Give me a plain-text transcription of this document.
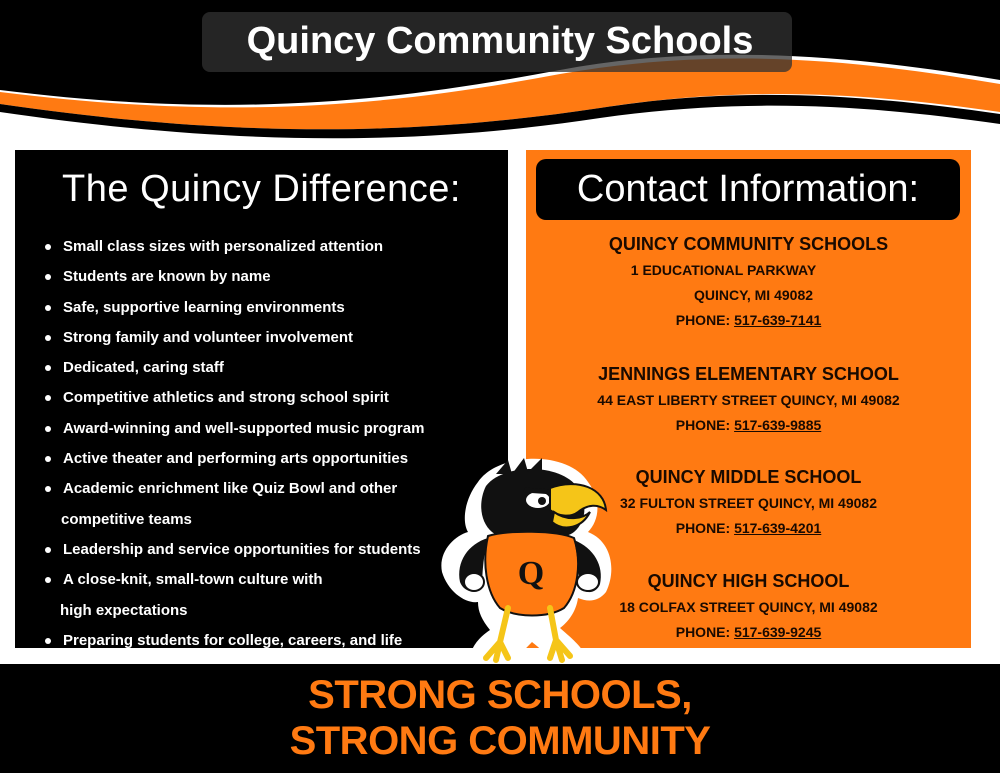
Quincy Community Schools
The Quincy Difference:
Small class sizes with personalized attention
Students are known by name
Safe, supportive learning environments
Strong family and volunteer involvement
Dedicated, caring staff
Competitive athletics and strong school spirit
Award-winning and well-supported music program
Active theater and performing arts opportunities
Academic enrichment like Quiz Bowl and other
competitive teams
Leadership and service opportunities for students
A close-knit, small-town culture with
high expectations
Preparing students for college, careers, and life
Contact Information:
QUINCY COMMUNITY SCHOOLS
1 EDUCATIONAL PARKWAY
QUINCY, MI 49082
PHONE: 517-639-7141
JENNINGS ELEMENTARY SCHOOL
44 EAST LIBERTY STREET QUINCY, MI 49082
PHONE: 517-639-9885
QUINCY MIDDLE SCHOOL
32 FULTON STREET QUINCY, MI 49082
PHONE: 517-639-4201
QUINCY HIGH SCHOOL
18 COLFAX STREET QUINCY, MI 49082
PHONE: 517-639-9245
STRONG SCHOOLS,
STRONG COMMUNITY
Q
